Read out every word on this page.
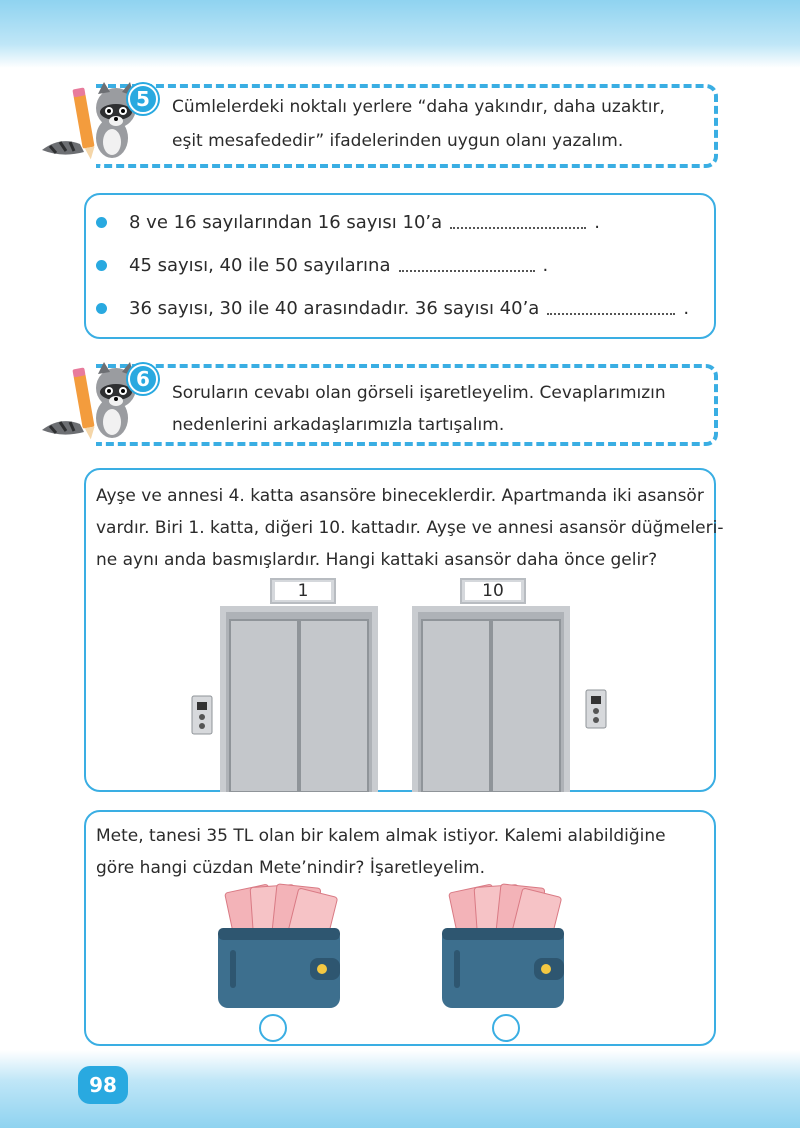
5	Cümlelerdeki noktalı yerlere “daha yakındır, daha uzaktır,
eşit mesafededir” ifadelerinden uygun olanı yazalım.
8 ve 16 sayılarından 16 sayısı 10’a	.
45 sayısı, 40 ile 50 sayılarına	.
36 sayısı, 30 ile 40 arasındadır. 36 sayısı 40’a	.
6
Soruların cevabı olan görseli işaretleyelim. Cevaplarımızın
nedenlerini arkadaşlarımızla tartışalım.
Ayşe ve annesi 4. katta asansöre bineceklerdir. Apartmanda iki asansör
vardır. Biri 1. katta, diğeri 10. kattadır. Ayşe ve annesi asansör düğmeleri-
ne aynı anda basmışlardır. Hangi kattaki asansör daha önce gelir?
1	10
Mete, tanesi 35 TL olan bir kalem almak istiyor. Kalemi alabildiğine
göre hangi cüzdan Mete’nindir? İşaretleyelim.
98
